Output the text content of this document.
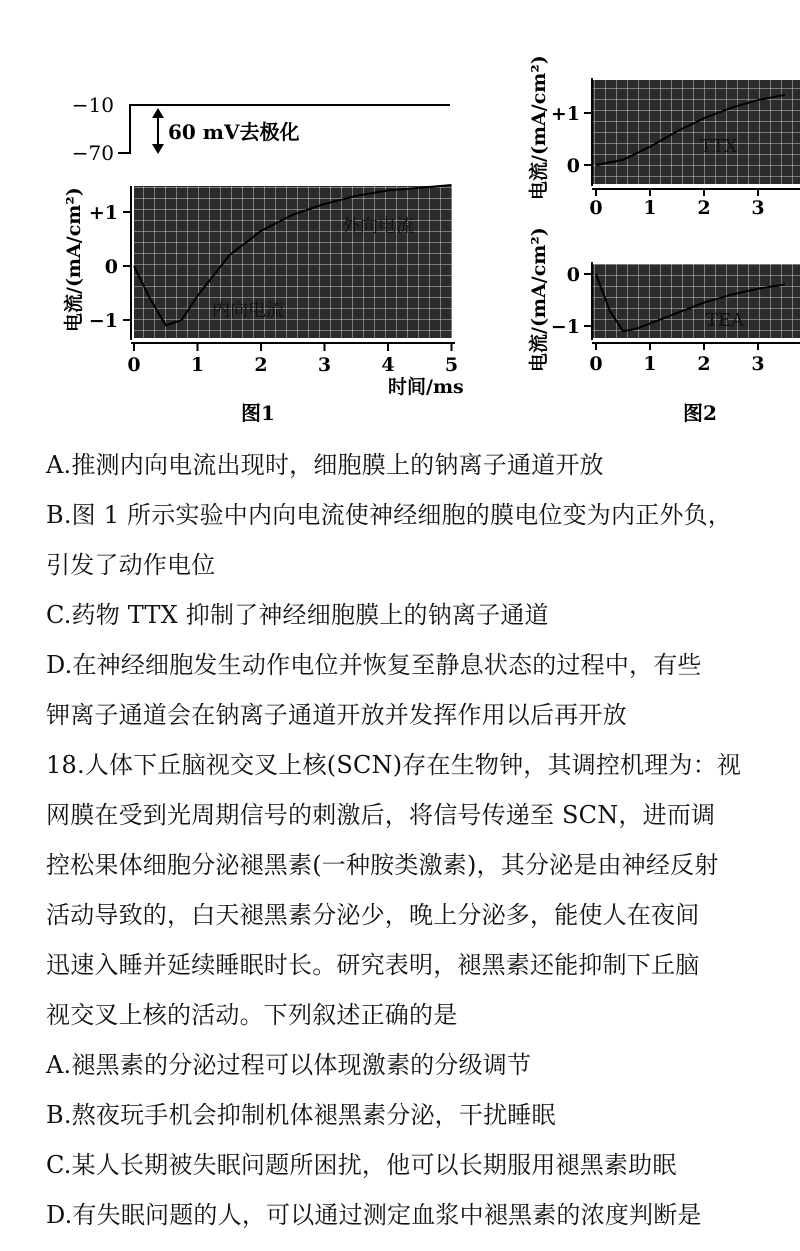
−10
−70
60 mV去极化
0	1	2	3	4	5
+1
0
−1
外向电流
内向电流
电流/(mA/cm²)
时间/ms
图1
0 1 2 3
+1
0
TTX
电流/(mA/cm²)
0 1 2 3
0
−1	TEA
电流/(mA/cm²)
图2
A.推测内向电流出现时，细胞膜上的钠离子通道开放
B.图 1 所示实验中内向电流使神经细胞的膜电位变为内正外负，
引发了动作电位
C.药物 TTX 抑制了神经细胞膜上的钠离子通道
D.在神经细胞发生动作电位并恢复至静息状态的过程中，有些
钾离子通道会在钠离子通道开放并发挥作用以后再开放
18.人体下丘脑视交叉上核(SCN)存在生物钟，其调控机理为：视
网膜在受到光周期信号的刺激后，将信号传递至 SCN，进而调
控松果体细胞分泌褪黑素(一种胺类激素)，其分泌是由神经反射
活动导致的，白天褪黑素分泌少，晚上分泌多，能使人在夜间
迅速入睡并延续睡眠时长。研究表明，褪黑素还能抑制下丘脑
视交叉上核的活动。下列叙述正确的是
A.褪黑素的分泌过程可以体现激素的分级调节
B.熬夜玩手机会抑制机体褪黑素分泌，干扰睡眠
C.某人长期被失眠问题所困扰，他可以长期服用褪黑素助眠
D.有失眠问题的人，可以通过测定血浆中褪黑素的浓度判断是
